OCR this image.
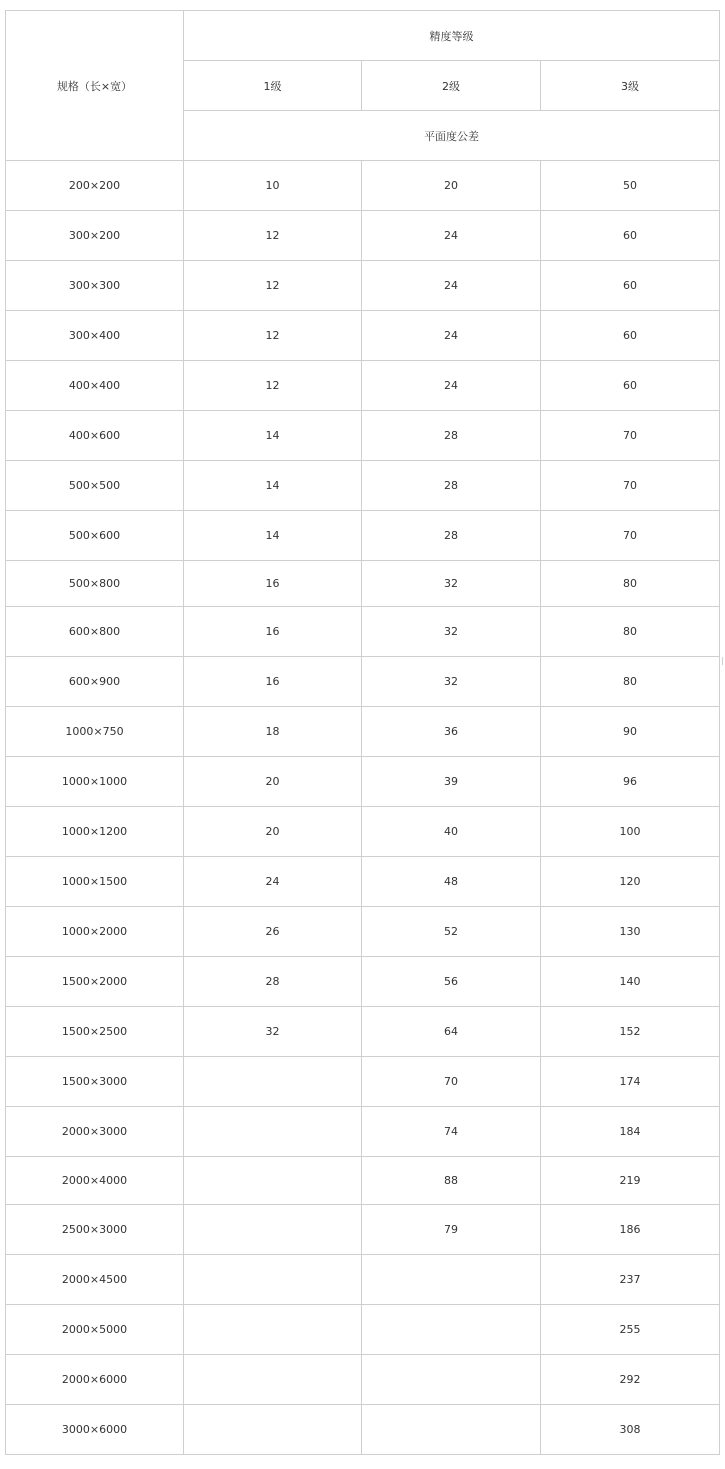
规格（长×宽）	精度等级		
	1级	2级	3级
	平面度公差		
200×200	10	20	50
300×200	12	24	60
300×300	12	24	60
300×400	12	24	60
400×400	12	24	60
400×600	14	28	70
500×500	14	28	70
500×600	14	28	70
500×800	16	32	80
600×800	16	32	80
600×900	16	32	80
1000×750	18	36	90
1000×1000	20	39	96
1000×1200	20	40	100
1000×1500	24	48	120
1000×2000	26	52	130
1500×2000	28	56	140
1500×2500	32	64	152
1500×3000		70	174
2000×3000		74	184
2000×4000		88	219
2500×3000		79	186
2000×4500			237
2000×5000			255
2000×6000			292
3000×6000			308
